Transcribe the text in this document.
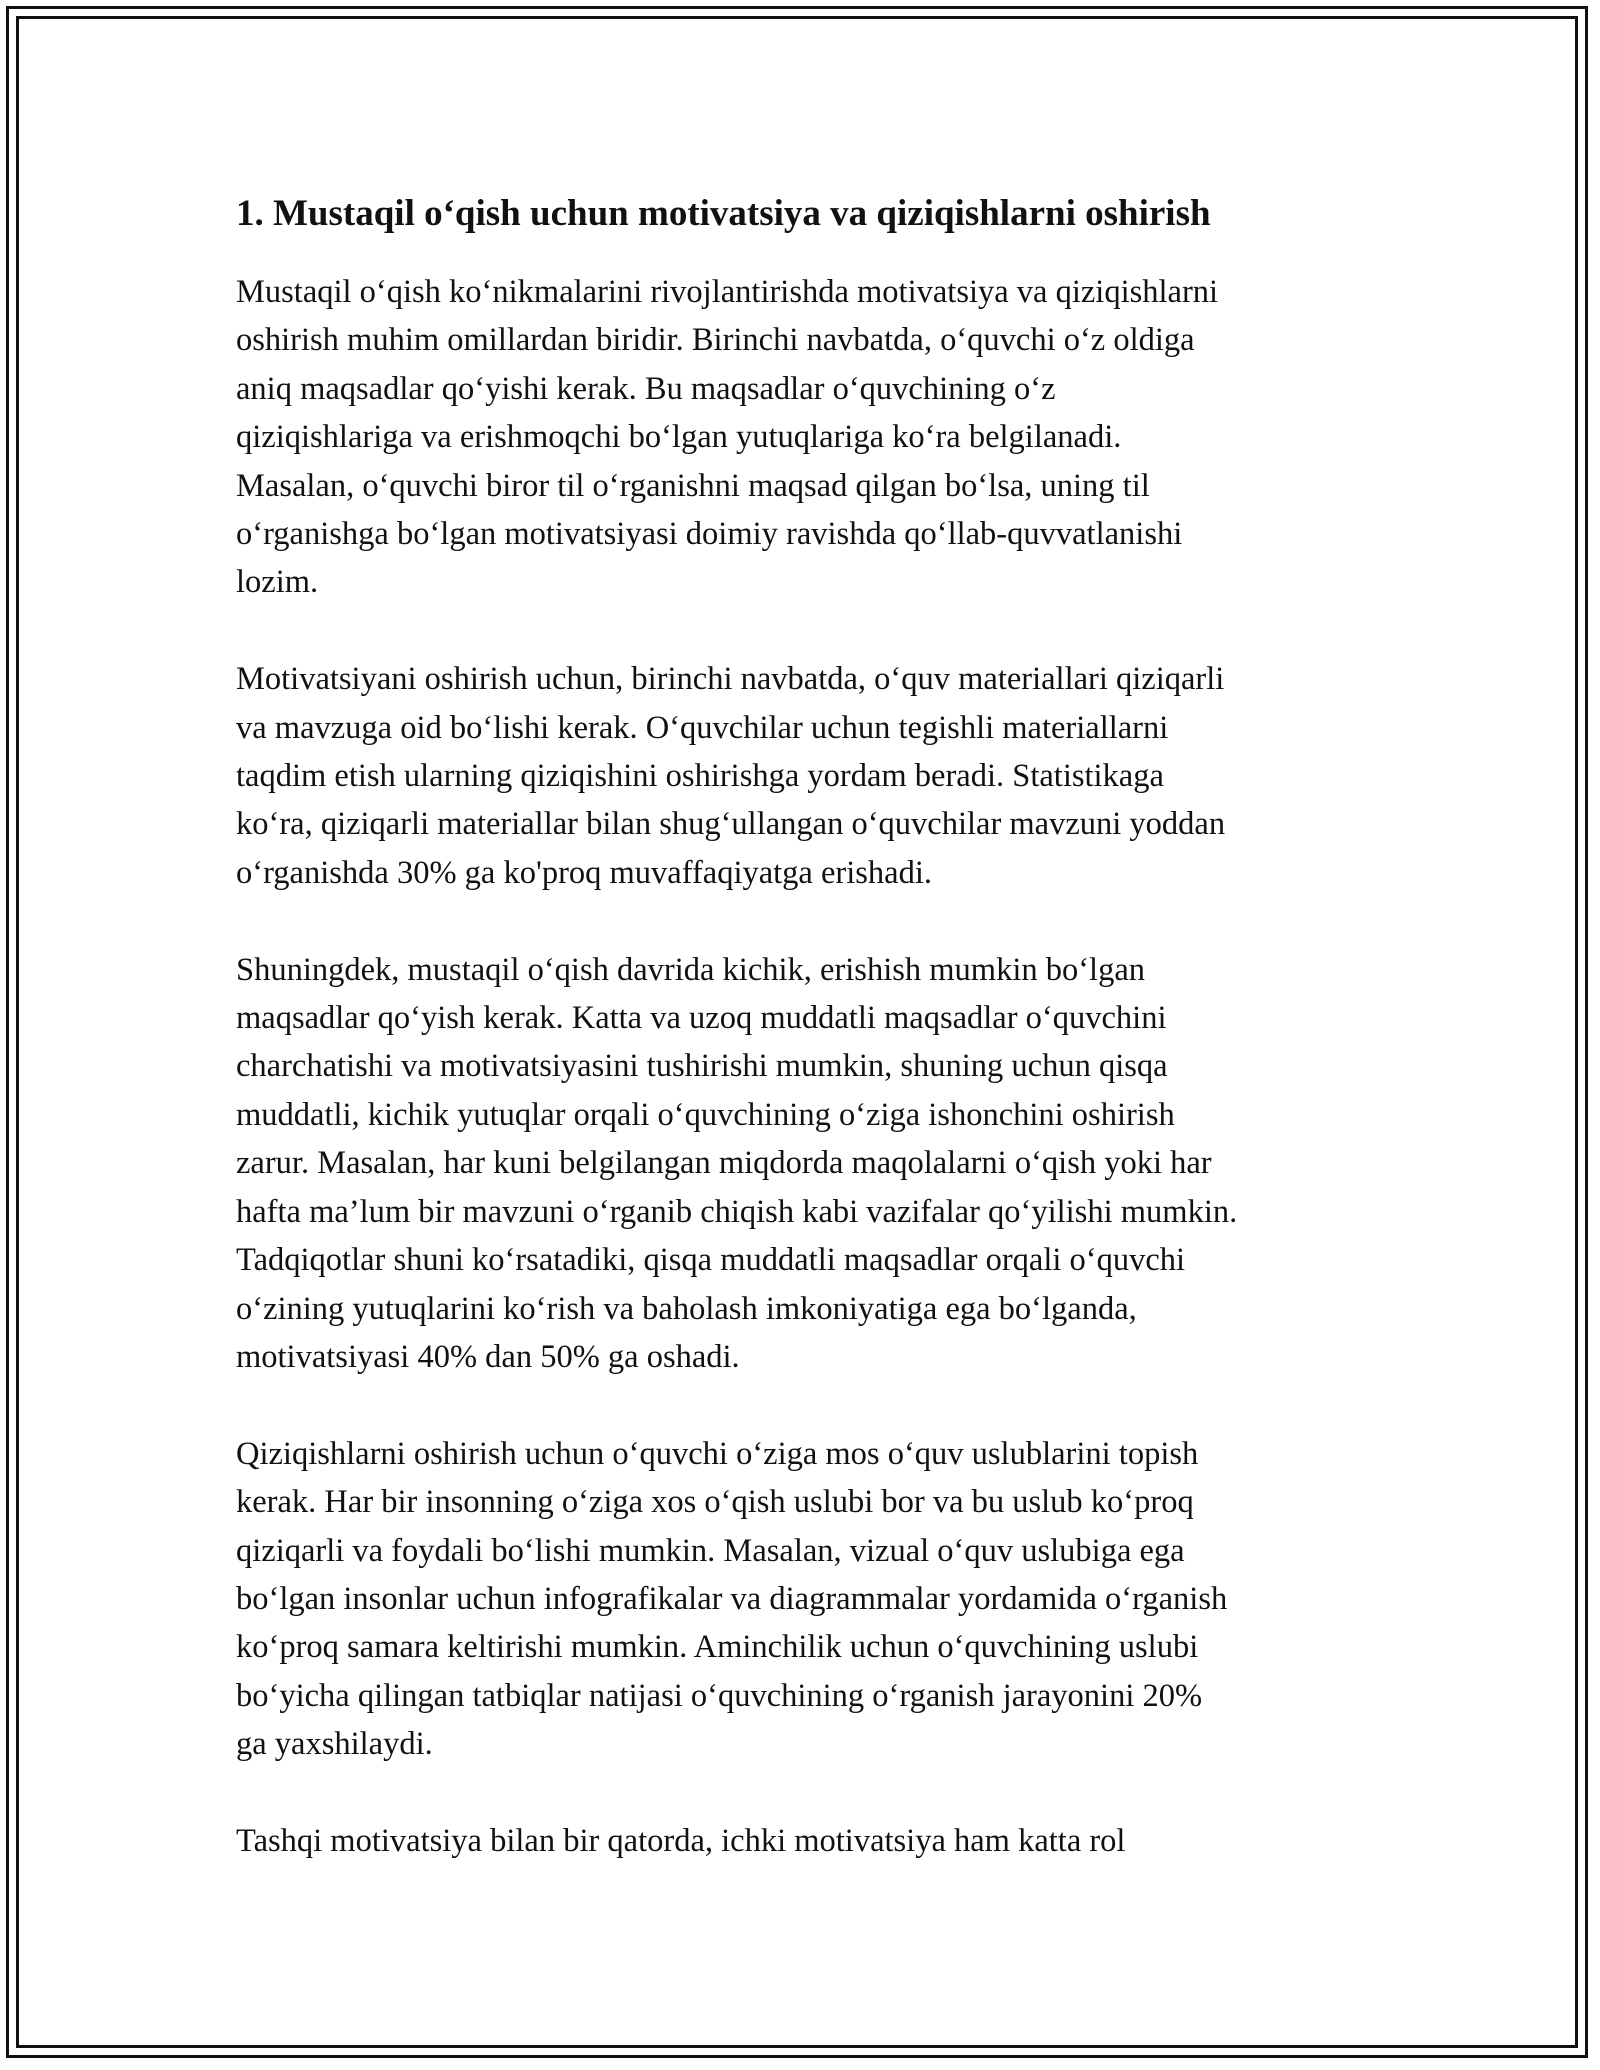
1. Mustaqil o‘qish uchun motivatsiya va qiziqishlarni oshirish

Mustaqil o‘qish ko‘nikmalarini rivojlantirishda motivatsiya va qiziqishlarni
oshirish muhim omillardan biridir. Birinchi navbatda, o‘quvchi o‘z oldiga
aniq maqsadlar qo‘yishi kerak. Bu maqsadlar o‘quvchining o‘z
qiziqishlariga va erishmoqchi bo‘lgan yutuqlariga ko‘ra belgilanadi.
Masalan, o‘quvchi biror til o‘rganishni maqsad qilgan bo‘lsa, uning til
o‘rganishga bo‘lgan motivatsiyasi doimiy ravishda qo‘llab-quvvatlanishi
lozim.

Motivatsiyani oshirish uchun, birinchi navbatda, o‘quv materiallari qiziqarli
va mavzuga oid bo‘lishi kerak. O‘quvchilar uchun tegishli materiallarni
taqdim etish ularning qiziqishini oshirishga yordam beradi. Statistikaga
ko‘ra, qiziqarli materiallar bilan shug‘ullangan o‘quvchilar mavzuni yoddan
o‘rganishda 30% ga ko'proq muvaffaqiyatga erishadi.

Shuningdek, mustaqil o‘qish davrida kichik, erishish mumkin bo‘lgan
maqsadlar qo‘yish kerak. Katta va uzoq muddatli maqsadlar o‘quvchini
charchatishi va motivatsiyasini tushirishi mumkin, shuning uchun qisqa
muddatli, kichik yutuqlar orqali o‘quvchining o‘ziga ishonchini oshirish
zarur. Masalan, har kuni belgilangan miqdorda maqolalarni o‘qish yoki har
hafta ma’lum bir mavzuni o‘rganib chiqish kabi vazifalar qo‘yilishi mumkin.
Tadqiqotlar shuni ko‘rsatadiki, qisqa muddatli maqsadlar orqali o‘quvchi
o‘zining yutuqlarini ko‘rish va baholash imkoniyatiga ega bo‘lganda,
motivatsiyasi 40% dan 50% ga oshadi.

Qiziqishlarni oshirish uchun o‘quvchi o‘ziga mos o‘quv uslublarini topish
kerak. Har bir insonning o‘ziga xos o‘qish uslubi bor va bu uslub ko‘proq
qiziqarli va foydali bo‘lishi mumkin. Masalan, vizual o‘quv uslubiga ega
bo‘lgan insonlar uchun infografikalar va diagrammalar yordamida o‘rganish
ko‘proq samara keltirishi mumkin. Aminchilik uchun o‘quvchining uslubi
bo‘yicha qilingan tatbiqlar natijasi o‘quvchining o‘rganish jarayonini 20%
ga yaxshilaydi.

Tashqi motivatsiya bilan bir qatorda, ichki motivatsiya ham katta rol
